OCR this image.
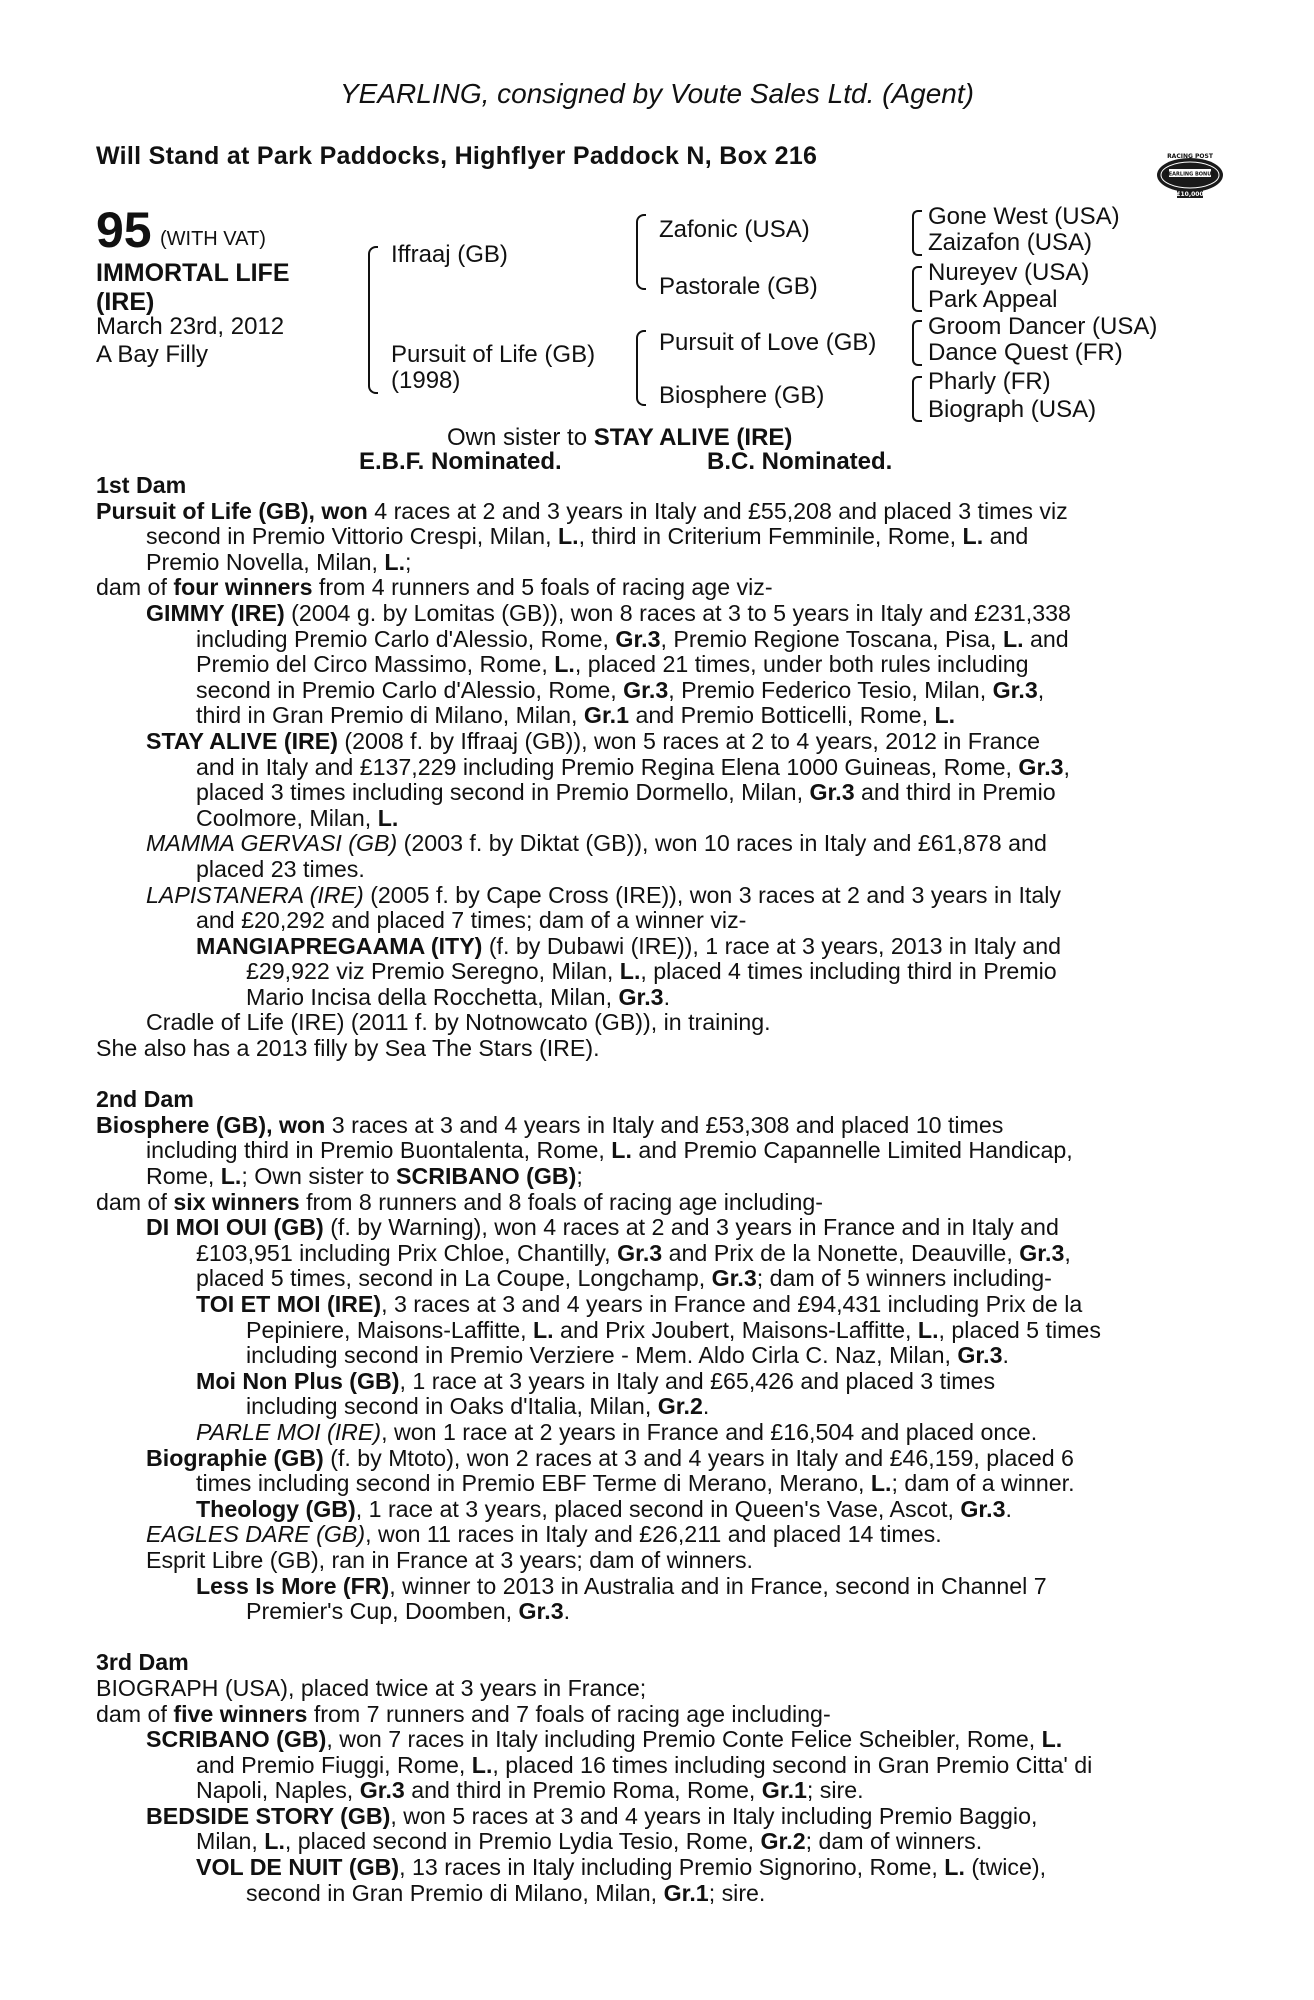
YEARLING, consigned by Voute Sales Ltd. (Agent)
Will Stand at Park Paddocks, Highflyer Paddock N, Box 216	RACING POST
YEARLING BONUS
£10,000
95 (WITH VAT)
IMMORTAL LIFE
(IRE)
March 23rd, 2012
A Bay Filly
Iffraaj (GB)
Pursuit of Life (GB)
(1998)
Zafonic (USA)
Pastorale (GB)
Pursuit of Love (GB)
Biosphere (GB)
Gone West (USA)
Zaizafon (USA)
Nureyev (USA)
Park Appeal
Groom Dancer (USA)
Dance Quest (FR)
Pharly (FR)
Biograph (USA)
Own sister to STAY ALIVE (IRE)
E.B.F. Nominated.	B.C. Nominated.
1st Dam
Pursuit of Life (GB), won 4 races at 2 and 3 years in Italy and £55,208 and placed 3 times viz
second in Premio Vittorio Crespi, Milan, L., third in Criterium Femminile, Rome, L. and
Premio Novella, Milan, L.;
dam of four winners from 4 runners and 5 foals of racing age viz-
GIMMY (IRE) (2004 g. by Lomitas (GB)), won 8 races at 3 to 5 years in Italy and £231,338
including Premio Carlo d'Alessio, Rome, Gr.3, Premio Regione Toscana, Pisa, L. and
Premio del Circo Massimo, Rome, L., placed 21 times, under both rules including
second in Premio Carlo d'Alessio, Rome, Gr.3, Premio Federico Tesio, Milan, Gr.3,
third in Gran Premio di Milano, Milan, Gr.1 and Premio Botticelli, Rome, L.
STAY ALIVE (IRE) (2008 f. by Iffraaj (GB)), won 5 races at 2 to 4 years, 2012 in France
and in Italy and £137,229 including Premio Regina Elena 1000 Guineas, Rome, Gr.3,
placed 3 times including second in Premio Dormello, Milan, Gr.3 and third in Premio
Coolmore, Milan, L.
MAMMA GERVASI (GB) (2003 f. by Diktat (GB)), won 10 races in Italy and £61,878 and
placed 23 times.
LAPISTANERA (IRE) (2005 f. by Cape Cross (IRE)), won 3 races at 2 and 3 years in Italy
and £20,292 and placed 7 times; dam of a winner viz-
MANGIAPREGAAMA (ITY) (f. by Dubawi (IRE)), 1 race at 3 years, 2013 in Italy and
£29,922 viz Premio Seregno, Milan, L., placed 4 times including third in Premio
Mario Incisa della Rocchetta, Milan, Gr.3.
Cradle of Life (IRE) (2011 f. by Notnowcato (GB)), in training.
She also has a 2013 filly by Sea The Stars (IRE).
2nd Dam
Biosphere (GB), won 3 races at 3 and 4 years in Italy and £53,308 and placed 10 times
including third in Premio Buontalenta, Rome, L. and Premio Capannelle Limited Handicap,
Rome, L.; Own sister to SCRIBANO (GB);
dam of six winners from 8 runners and 8 foals of racing age including-
DI MOI OUI (GB) (f. by Warning), won 4 races at 2 and 3 years in France and in Italy and
£103,951 including Prix Chloe, Chantilly, Gr.3 and Prix de la Nonette, Deauville, Gr.3,
placed 5 times, second in La Coupe, Longchamp, Gr.3; dam of 5 winners including-
TOI ET MOI (IRE), 3 races at 3 and 4 years in France and £94,431 including Prix de la
Pepiniere, Maisons-Laffitte, L. and Prix Joubert, Maisons-Laffitte, L., placed 5 times
including second in Premio Verziere - Mem. Aldo Cirla C. Naz, Milan, Gr.3.
Moi Non Plus (GB), 1 race at 3 years in Italy and £65,426 and placed 3 times
including second in Oaks d'Italia, Milan, Gr.2.
PARLE MOI (IRE), won 1 race at 2 years in France and £16,504 and placed once.
Biographie (GB) (f. by Mtoto), won 2 races at 3 and 4 years in Italy and £46,159, placed 6
times including second in Premio EBF Terme di Merano, Merano, L.; dam of a winner.
Theology (GB), 1 race at 3 years, placed second in Queen's Vase, Ascot, Gr.3.
EAGLES DARE (GB), won 11 races in Italy and £26,211 and placed 14 times.
Esprit Libre (GB), ran in France at 3 years; dam of winners.
Less Is More (FR), winner to 2013 in Australia and in France, second in Channel 7
Premier's Cup, Doomben, Gr.3.
3rd Dam
BIOGRAPH (USA), placed twice at 3 years in France;
dam of five winners from 7 runners and 7 foals of racing age including-
SCRIBANO (GB), won 7 races in Italy including Premio Conte Felice Scheibler, Rome, L.
and Premio Fiuggi, Rome, L., placed 16 times including second in Gran Premio Citta' di
Napoli, Naples, Gr.3 and third in Premio Roma, Rome, Gr.1; sire.
BEDSIDE STORY (GB), won 5 races at 3 and 4 years in Italy including Premio Baggio,
Milan, L., placed second in Premio Lydia Tesio, Rome, Gr.2; dam of winners.
VOL DE NUIT (GB), 13 races in Italy including Premio Signorino, Rome, L. (twice),
second in Gran Premio di Milano, Milan, Gr.1; sire.
